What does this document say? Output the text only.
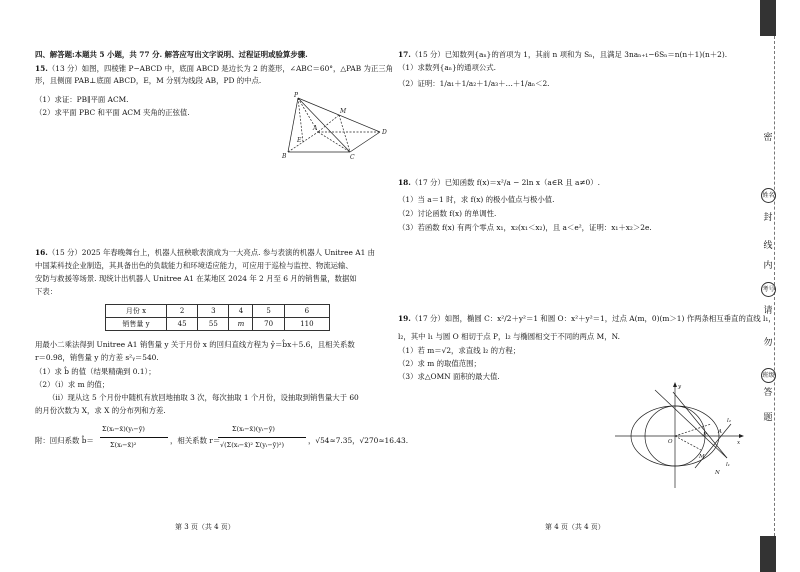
四、解答题:本题共 5 小题，共 77 分. 解答应写出文字说明、过程证明或验算步骤.
15.（13 分）如图，四棱锥 P−ABCD 中，底面 ABCD 是边长为 2 的菱形，∠ABC＝60°，△PAB 为正三角
形，且侧面 PAB⊥底面 ABCD，E，M 分别为线段 AB，PD 的中点.
（1）求证：PB∥平面 ACM.
（2）求平面 PBC 和平面 ACM 夹角的正弦值.
P
M
A
E
D
B	C
16.（15 分）2025 年春晚舞台上，机器人扭秧歌表演成为一大亮点. 参与表演的机器人 Unitree A1 由
中国某科技企业制造，其具备出色的负载能力和环境适应能力，可应用于巡检与监控、物流运输、
安防与救援等场景. 现统计出机器人 Unitree A1 在某地区 2024 年 2 月至 6 月的销售量，数据如
下表：
月份 x	2	3	4	5	6
销售量 y	45	55	m	70	110
用最小二乘法得到 Unitree A1 销售量 y 关于月份 x 的回归直线方程为 ŷ＝b̂x＋5.6，且相关系数
r＝0.98，销售量 y 的方差 s²ᵧ＝540.
（1）求 b̂ 的值（结果精确到 0.1）；
（2）（ⅰ）求 m 的值；
（ⅱ）现从这 5 个月份中随机有放回地抽取 3 次，每次抽取 1 个月份，设抽取到销售量大于 60
的月份次数为 X，求 X 的分布列和方差.
附：回归系数 b̂＝
Σ(xᵢ−x̄)(yᵢ−ȳ)
Σ(xᵢ−x̄)²	，相关系数 r＝
Σ(xᵢ−x̄)(yᵢ−ȳ)
√(Σ(xᵢ−x̄)² Σ(yᵢ−ȳ)²)	，√54≈7.35，√270≈16.43.
第 3 页（共 4 页）
17.（15 分）已知数列{aₙ}的首项为 1，其前 n 项和为 Sₙ，且满足 3naₙ₊₁−6Sₙ＝n(n＋1)(n＋2).
（1）求数列{aₙ}的通项公式.
（2）证明：1/a₁＋1/a₂＋1/a₃＋…＋1/aₙ＜2.
18.（17 分）已知函数 f(x)＝x²/a − 2ln x（a∈R 且 a≠0）.
（1）当 a＝1 时，求 f(x) 的极小值点与极小值.
（2）讨论函数 f(x) 的单调性.
（3）若函数 f(x) 有两个零点 x₁，x₂(x₁＜x₂)，且 a＜e²，证明：x₁＋x₂＞2e.
19.（17 分）如图，椭圆 C：x²/2＋y²＝1 和圆 O：x²＋y²＝1，过点 A(m，0)(m＞1) 作两条相互垂直的直线 l₁，
l₂，其中 l₁ 与圆 O 相切于点 P，l₂ 与椭圆相交于不同的两点 M，N.
（1）若 m＝√2，求直线 l₂ 的方程；
（2）求 m 的取值范围；
（3）求△OMN 面积的最大值.
y
O
A
x
l₁
l₂
P
M
N
第 4 页（共 4 页）
密
姓名
封
线
内
考号
请
勿
班级
答
题
